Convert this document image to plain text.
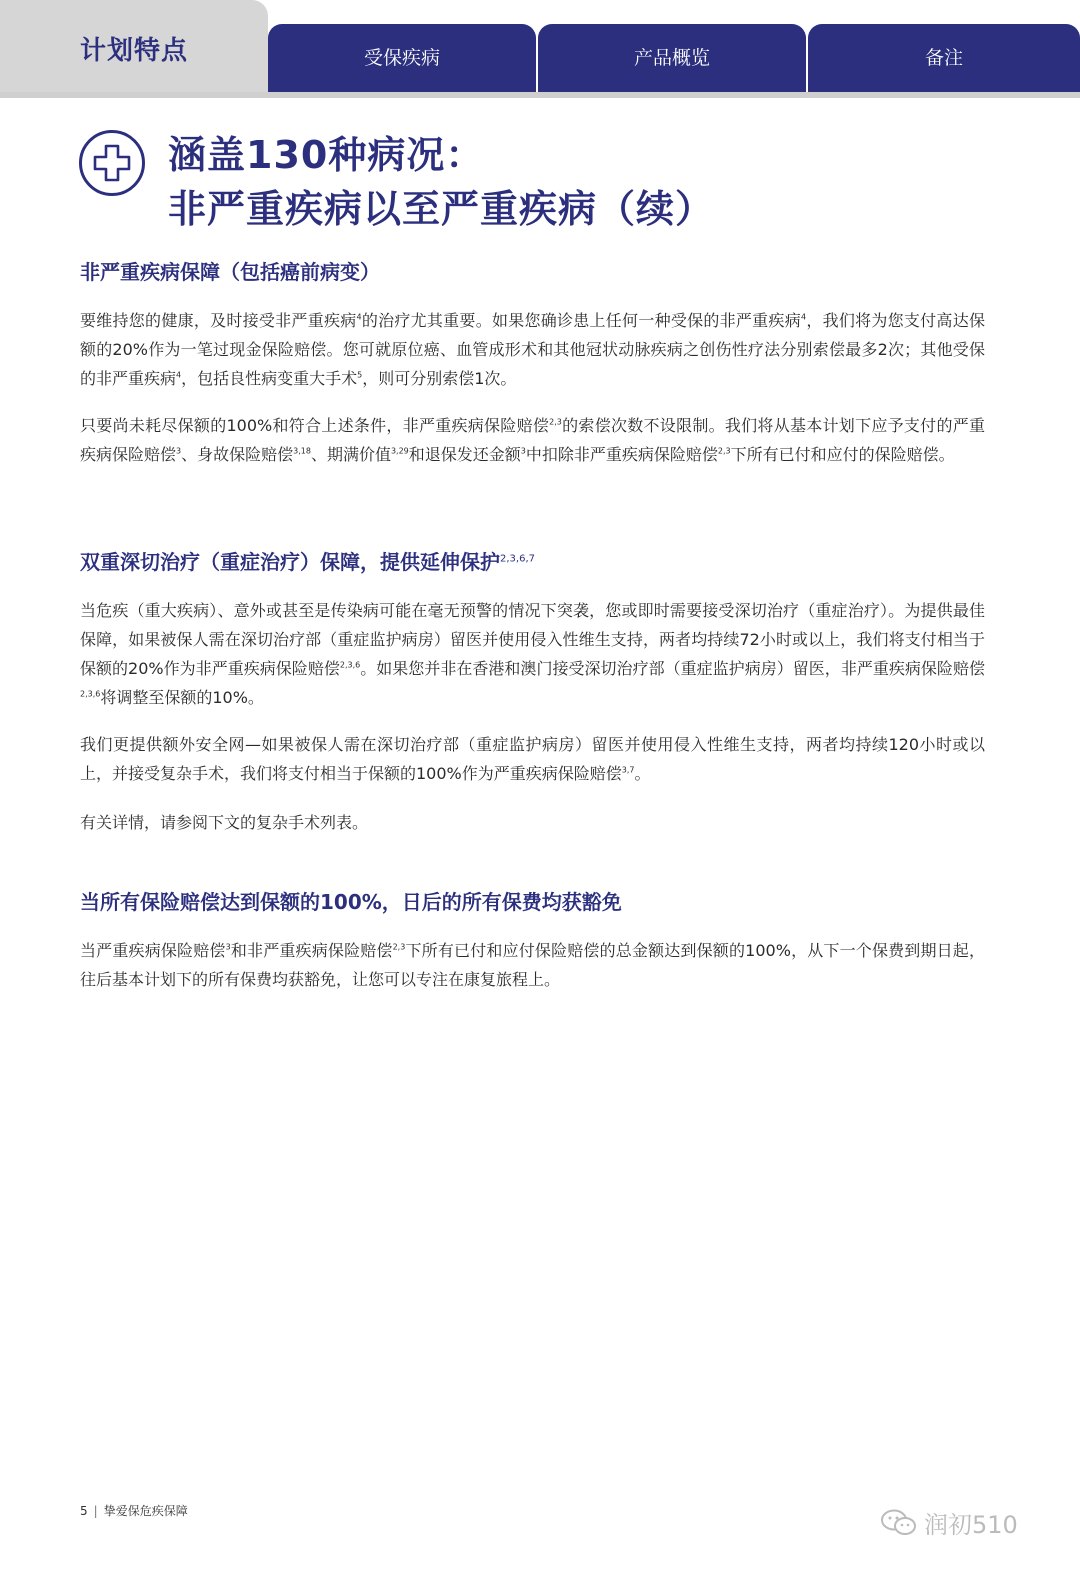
计划特点	受保疾病	产品概览	备注
涵盖130种病况：
非严重疾病以至严重疾病（续）
非严重疾病保障（包括癌前病变）

要维持您的健康，及时接受非严重疾病$^4$的治疗尤其重要。如果您确诊患上任何一种受保的非严重疾病$^4$，我们将为您支付高达保额的20%作为一笔过现金保险赔偿。您可就原位癌、血管成形术和其他冠状动脉疾病之创伤性疗法分别索偿最多2次；其他受保的非严重疾病$^4$，包括良性病变重大手术$^5$，则可分别索偿1次。

只要尚未耗尽保额的100%和符合上述条件，非严重疾病保险赔偿$^{2,3}$的索偿次数不设限制。我们将从基本计划下应予支付的严重疾病保险赔偿$^3$、身故保险赔偿$^{3,18}$、期满价值$^{3,29}$和退保发还金额$^3$中扣除非严重疾病保险赔偿$^{2,3}$下所有已付和应付的保险赔偿。

双重深切治疗（重症治疗）保障，提供延伸保护$^{2,3,6,7}$

当危疾（重大疾病）、意外或甚至是传染病可能在毫无预警的情况下突袭，您或即时需要接受深切治疗（重症治疗）。为提供最佳保障，如果被保人需在深切治疗部（重症监护病房）留医并使用侵入性维生支持，两者均持续72小时或以上，我们将支付相当于保额的20%作为非严重疾病保险赔偿$^{2,3,6}$。如果您并非在香港和澳门接受深切治疗部（重症监护病房）留医，非严重疾病保险赔偿$^{2,3,6}$将调整至保额的10%。

我们更提供额外安全网—如果被保人需在深切治疗部（重症监护病房）留医并使用侵入性维生支持，两者均持续120小时或以上，并接受复杂手术，我们将支付相当于保额的100%作为严重疾病保险赔偿$^{3,7}$。

有关详情，请参阅下文的复杂手术列表。

当所有保险赔偿达到保额的100%，日后的所有保费均获豁免

当严重疾病保险赔偿$^3$和非严重疾病保险赔偿$^{2,3}$下所有已付和应付保险赔偿的总金额达到保额的100%，从下一个保费到期日起，往后基本计划下的所有保费均获豁免，让您可以专注在康复旅程上。

5 | 挚爱保危疾保障	润初510
